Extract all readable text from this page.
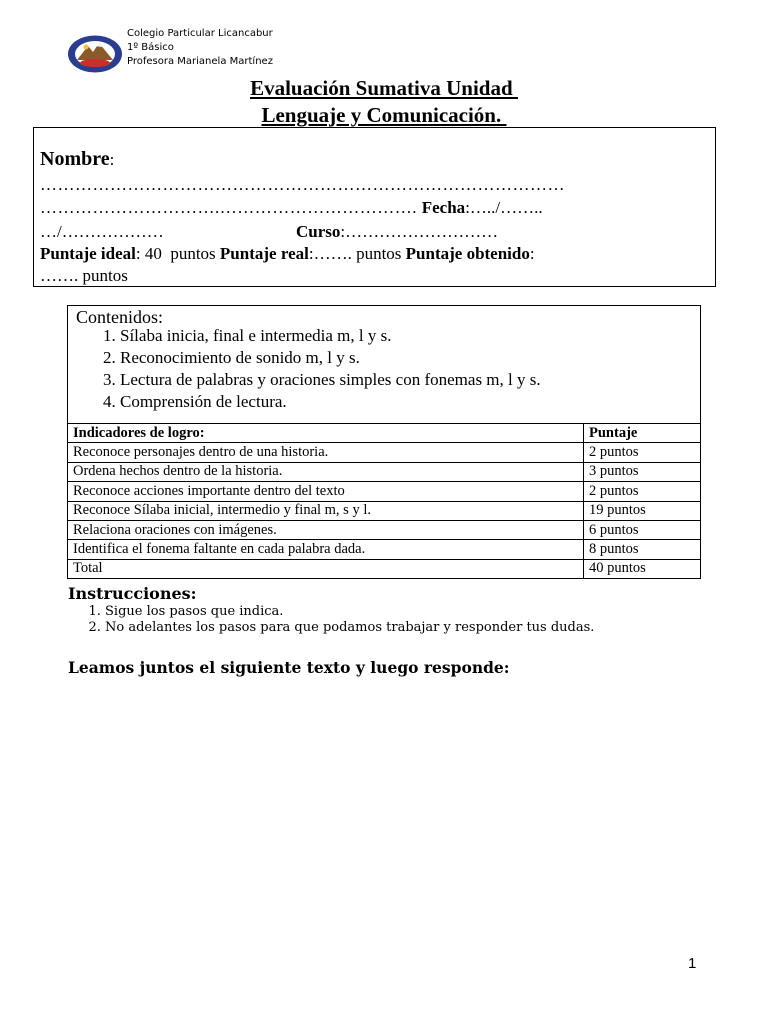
Colegio Particular Licancabur
1º Básico
Profesora Marianela Martínez
Evaluación Sumativa Unidad
Lenguaje y Comunicación.
Nombre:
………………………………………………………………………………
………………………….……………………………. Fecha:…../……..
…/………………	Curso:………………………
Puntaje ideal: 40  puntos Puntaje real:……. puntos Puntaje obtenido:
……. puntos
Contenidos:
1. Sílaba inicia, final e intermedia m, l y s.
2. Reconocimiento de sonido m, l y s.
3. Lectura de palabras y oraciones simples con fonemas m, l y s.
4. Comprensión de lectura.
Indicadores de logro:	Puntaje
Reconoce personajes dentro de una historia.	2 puntos
Ordena hechos dentro de la historia.	3 puntos
Reconoce acciones importante dentro del texto	2 puntos
Reconoce Sílaba inicial, intermedio y final m, s y l.	19 puntos
Relaciona oraciones con imágenes.	6 puntos
Identifica el fonema faltante en cada palabra dada.	8 puntos
Total	40 puntos
Instrucciones:
1. Sigue los pasos que indica.
2. No adelantes los pasos para que podamos trabajar y responder tus dudas.
Leamos juntos el siguiente texto y luego responde:
1
